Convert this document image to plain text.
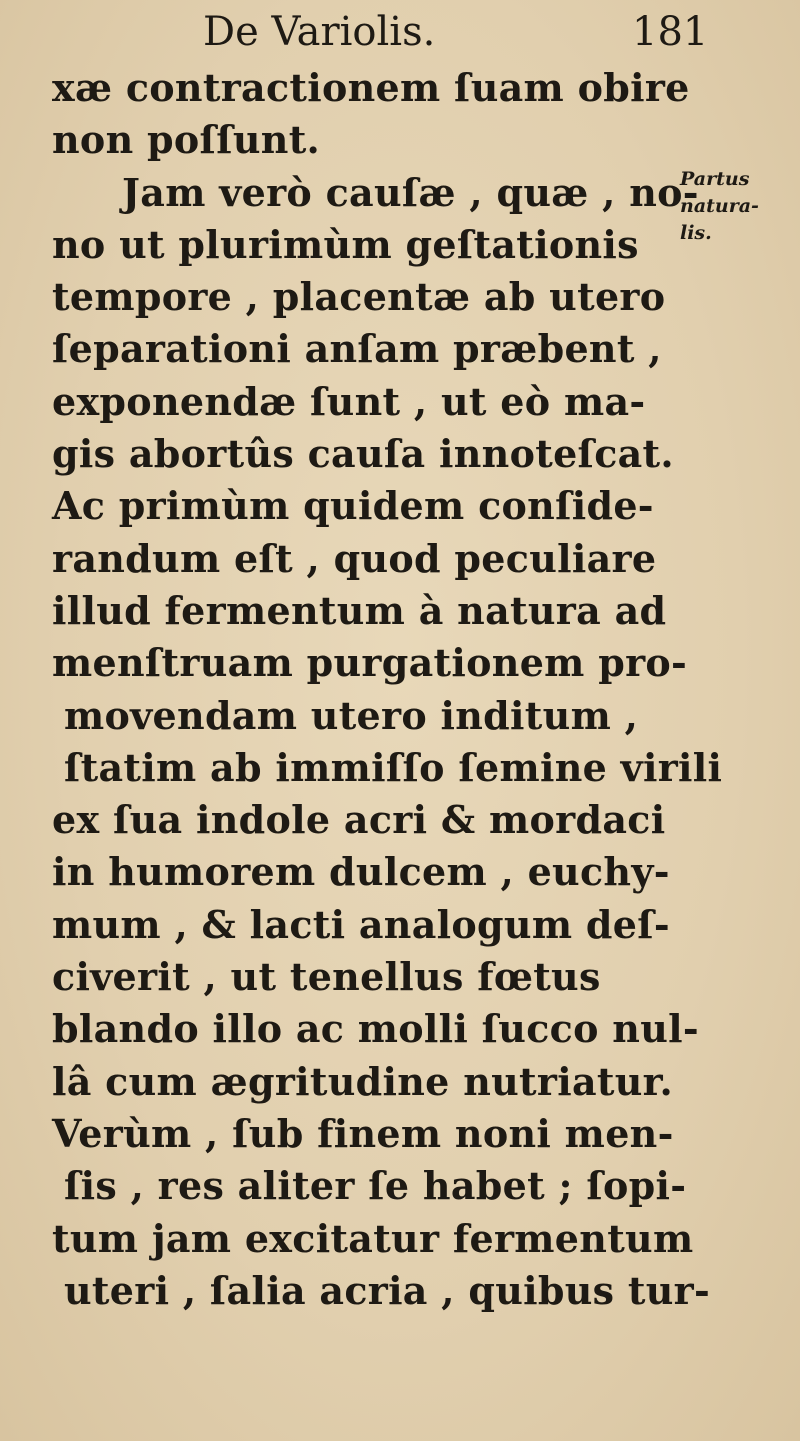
De Variolis.	181
xæ contractionem ſuam obire
non poſſunt.
Jam verò cauſæ , quæ , no-
no ut plurimùm geſtationis
tempore , placentæ ab utero
ſeparationi anſam præbent ,
exponendæ ſunt , ut eò ma-
gis abortûs cauſa innoteſcat.
Ac primùm quidem conſide-
randum eſt , quod peculiare
illud fermentum à natura ad
menſtruam purgationem pro-
movendam utero inditum ,
ſtatim ab immiſſo ſemine virili
ex ſua indole acri & mordaci
in humorem dulcem , euchy-
mum , & lacti analogum deſ-
civerit , ut tenellus fœtus
blando illo ac molli ſucco nul-
lâ cum ægritudine nutriatur.
Verùm , ſub finem noni men-
ſis , res aliter ſe habet ; ſopi-
tum jam excitatur fermentum
uteri , ſalia acria , quibus tur-
Partus
natura-
lis.
